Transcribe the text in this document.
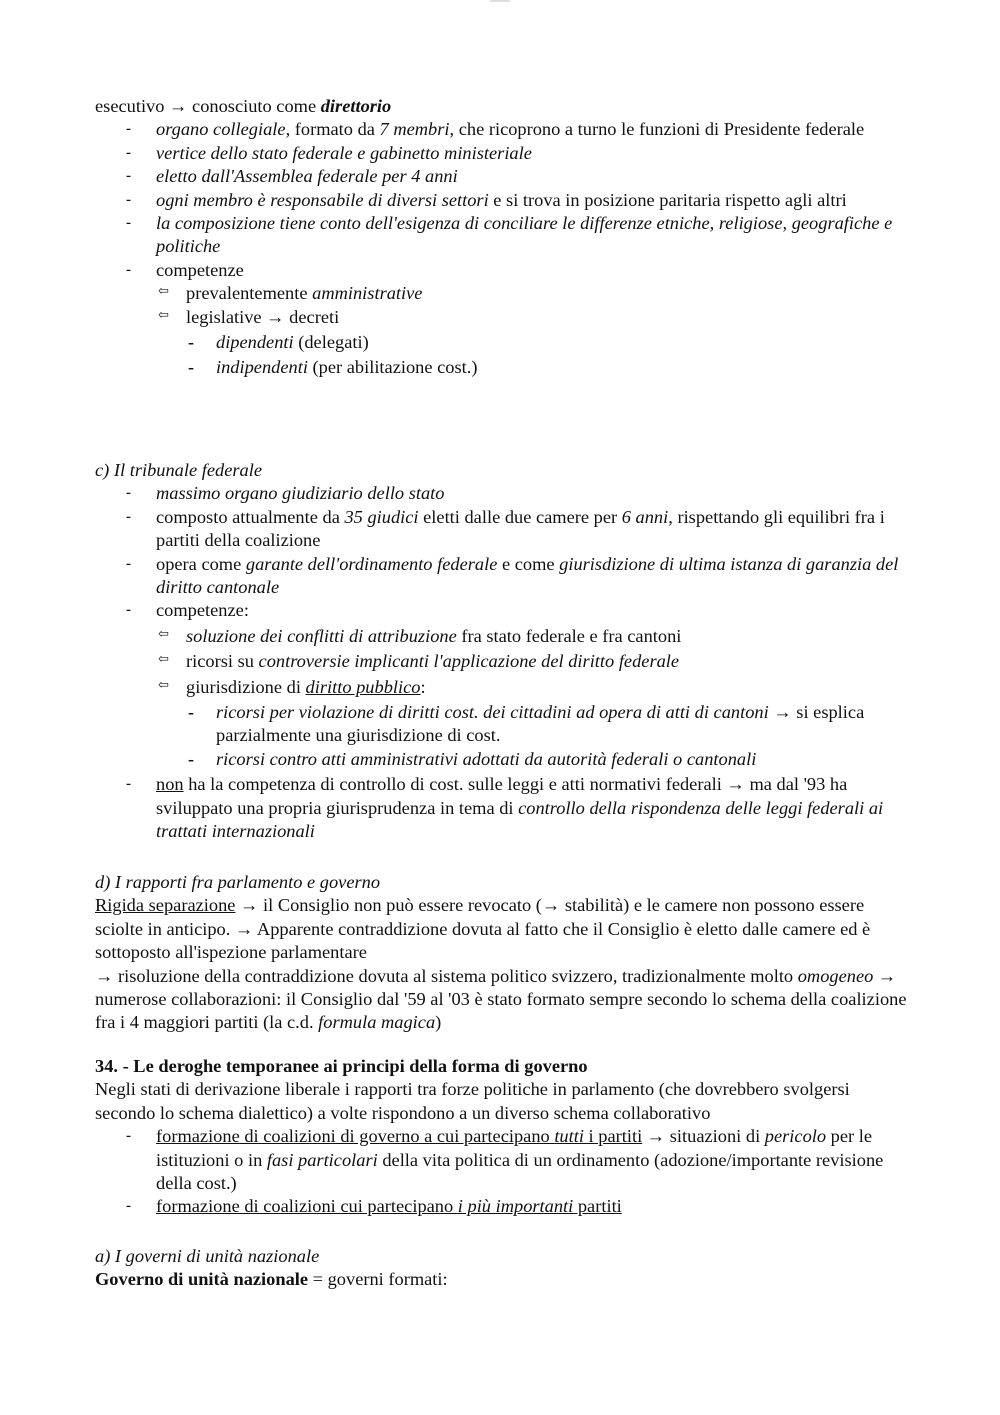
esecutivo → conosciuto come direttorio

- organo collegiale, formato da 7 membri, che ricoprono a turno le funzioni di Presidente federale
- vertice dello stato federale e gabinetto ministeriale
- eletto dall'Assemblea federale per 4 anni
- ogni membro è responsabile di diversi settori e si trova in posizione paritaria rispetto agli altri
- la composizione tiene conto dell'esigenza di conciliare le differenze etniche, religiose, geografiche e politiche
- competenze
⇦ prevalentemente amministrative
⇦ legislative → decreti
- dipendenti (delegati)
- indipendenti (per abilitazione cost.)

c) Il tribunale federale

- massimo organo giudiziario dello stato
- composto attualmente da 35 giudici eletti dalle due camere per 6 anni, rispettando gli equilibri fra i partiti della coalizione
- opera come garante dell'ordinamento federale e come giurisdizione di ultima istanza di garanzia del diritto cantonale
- competenze:
⇦ soluzione dei conflitti di attribuzione fra stato federale e fra cantoni
⇦ ricorsi su controversie implicanti l'applicazione del diritto federale
⇦ giurisdizione di diritto pubblico:
- ricorsi per violazione di diritti cost. dei cittadini ad opera di atti di cantoni → si esplica parzialmente una giurisdizione di cost.
- ricorsi contro atti amministrativi adottati da autorità federali o cantonali
- non ha la competenza di controllo di cost. sulle leggi e atti normativi federali → ma dal '93 ha sviluppato una propria giurisprudenza in tema di controllo della rispondenza delle leggi federali ai trattati internazionali

d) I rapporti fra parlamento e governo

Rigida separazione → il Consiglio non può essere revocato (→ stabilità) e le camere non possono essere sciolte in anticipo. → Apparente contraddizione dovuta al fatto che il Consiglio è eletto dalle camere ed è sottoposto all'ispezione parlamentare

→ risoluzione della contraddizione dovuta al sistema politico svizzero, tradizionalmente molto omogeneo → numerose collaborazioni: il Consiglio dal '59 al '03 è stato formato sempre secondo lo schema della coalizione fra i 4 maggiori partiti (la c.d. formula magica)

34. - Le deroghe temporanee ai principi della forma di governo

Negli stati di derivazione liberale i rapporti tra forze politiche in parlamento (che dovrebbero svolgersi secondo lo schema dialettico) a volte rispondono a un diverso schema collaborativo

- formazione di coalizioni di governo a cui partecipano tutti i partiti → situazioni di pericolo per le istituzioni o in fasi particolari della vita politica di un ordinamento (adozione/importante revisione della cost.)
- formazione di coalizioni cui partecipano i più importanti partiti

a) I governi di unità nazionale

Governo di unità nazionale = governi formati:
